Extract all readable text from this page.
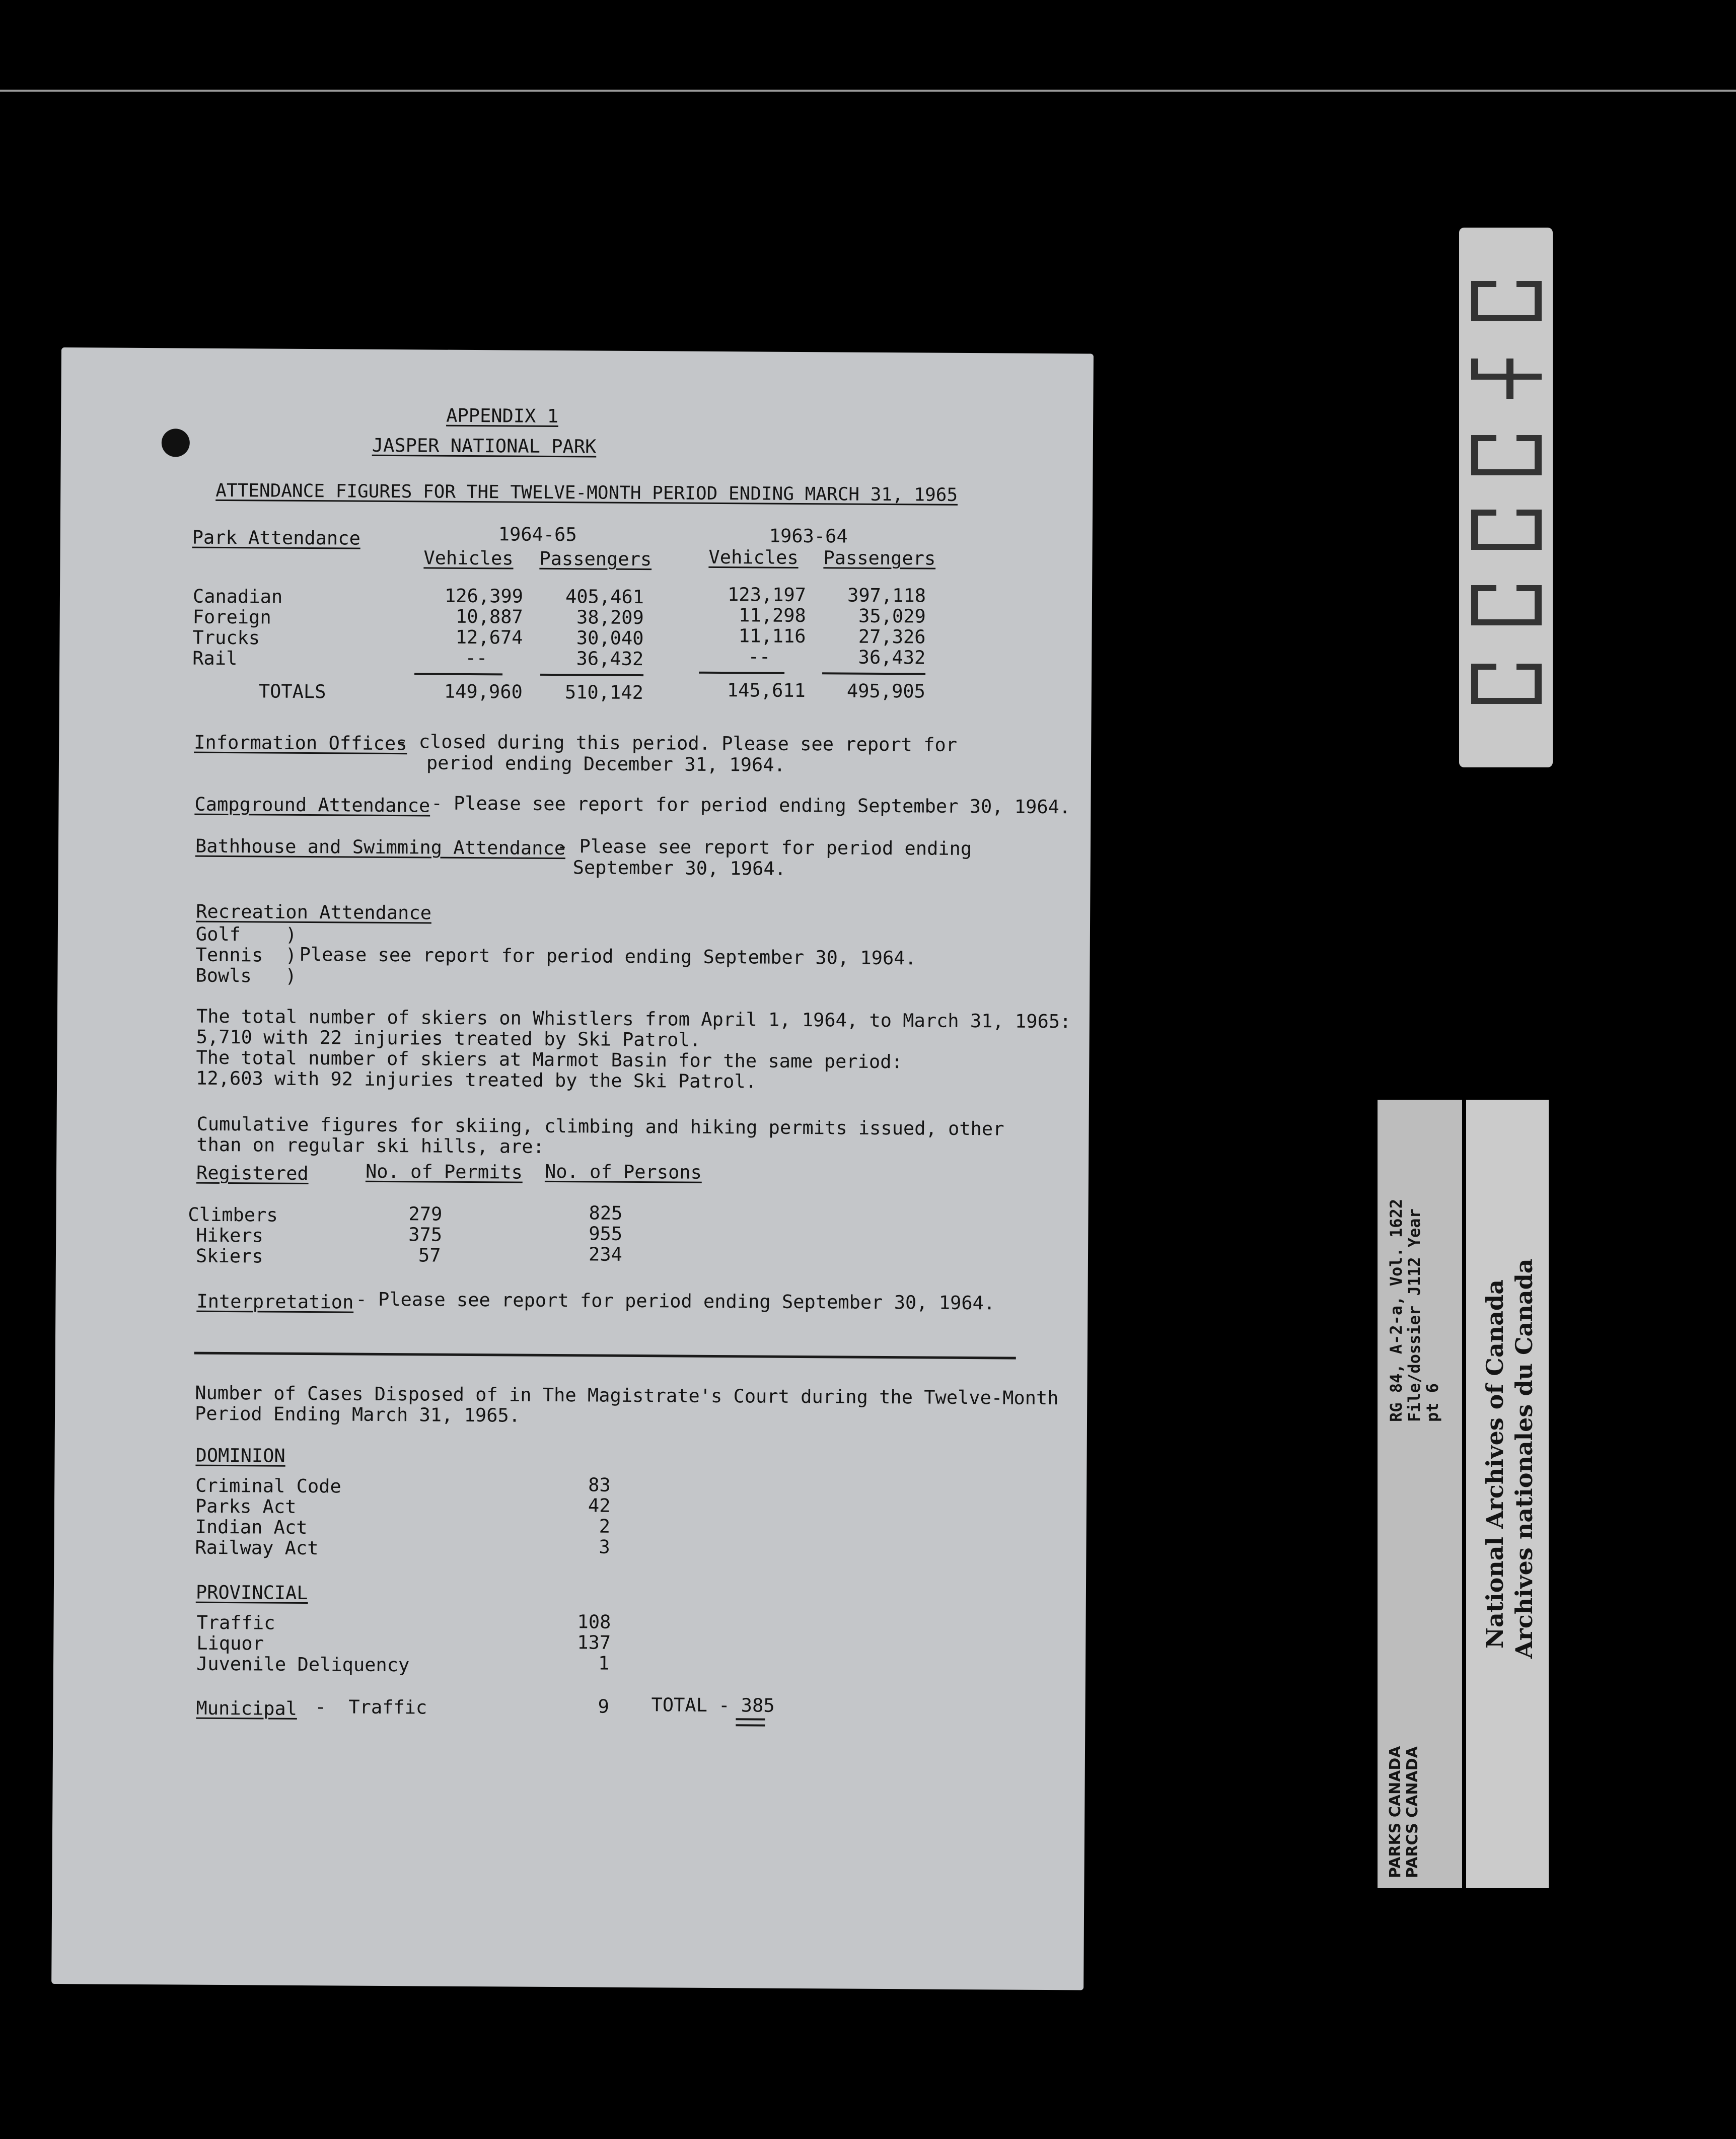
APPENDIX 1
JASPER NATIONAL PARK
ATTENDANCE FIGURES FOR THE TWELVE-MONTH PERIOD ENDING MARCH 31, 1965
Park Attendance	1964-65	1963-64
Vehicles Passengers	Vehicles Passengers
Canadian	126,399	405,461	123,197	397,118
Foreign	10,887	38,209	11,298	35,029
Trucks	12,674	30,040	11,116	27,326
Rail	--	36,432	--	36,432
TOTALS	149,960	510,142	145,611	495,905
Information Offices
- closed during this period. Please see report for
period ending December 31, 1964.
Campground Attendance - Please see report for period ending September 30, 1964.
Bathhouse and Swimming Attendance
- Please see report for period ending
September 30, 1964.
Recreation Attendance
Golf    )
Tennis  )
Bowls   )
Please see report for period ending September 30, 1964.
The total number of skiers on Whistlers from April 1, 1964, to March 31, 1965:
5,710 with 22 injuries treated by Ski Patrol.
The total number of skiers at Marmot Basin for the same period:
12,603 with 92 injuries treated by the Ski Patrol.
Cumulative figures for skiing, climbing and hiking permits issued, other
than on regular ski hills, are:
Registered	No. of Permits No. of Persons
Climbers	279	825
Hikers	375	955
Skiers	57	234
Interpretation - Please see report for period ending September 30, 1964.
Number of Cases Disposed of in The Magistrate's Court during the Twelve-Month
Period Ending March 31, 1965.
DOMINION
Criminal Code	83
Parks Act	42
Indian Act	2
Railway Act	3
PROVINCIAL
Traffic	108
Liquor	137
Juvenile Deliquency	1
Municipal -  Traffic	9 TOTAL - 385
RG 84, A-2-a, Vol. 1622
File/dossier J112 Year
pt 6
PARKS CANADA PARCS CANADA
National Archives of Canada Archives nationales du Canada
